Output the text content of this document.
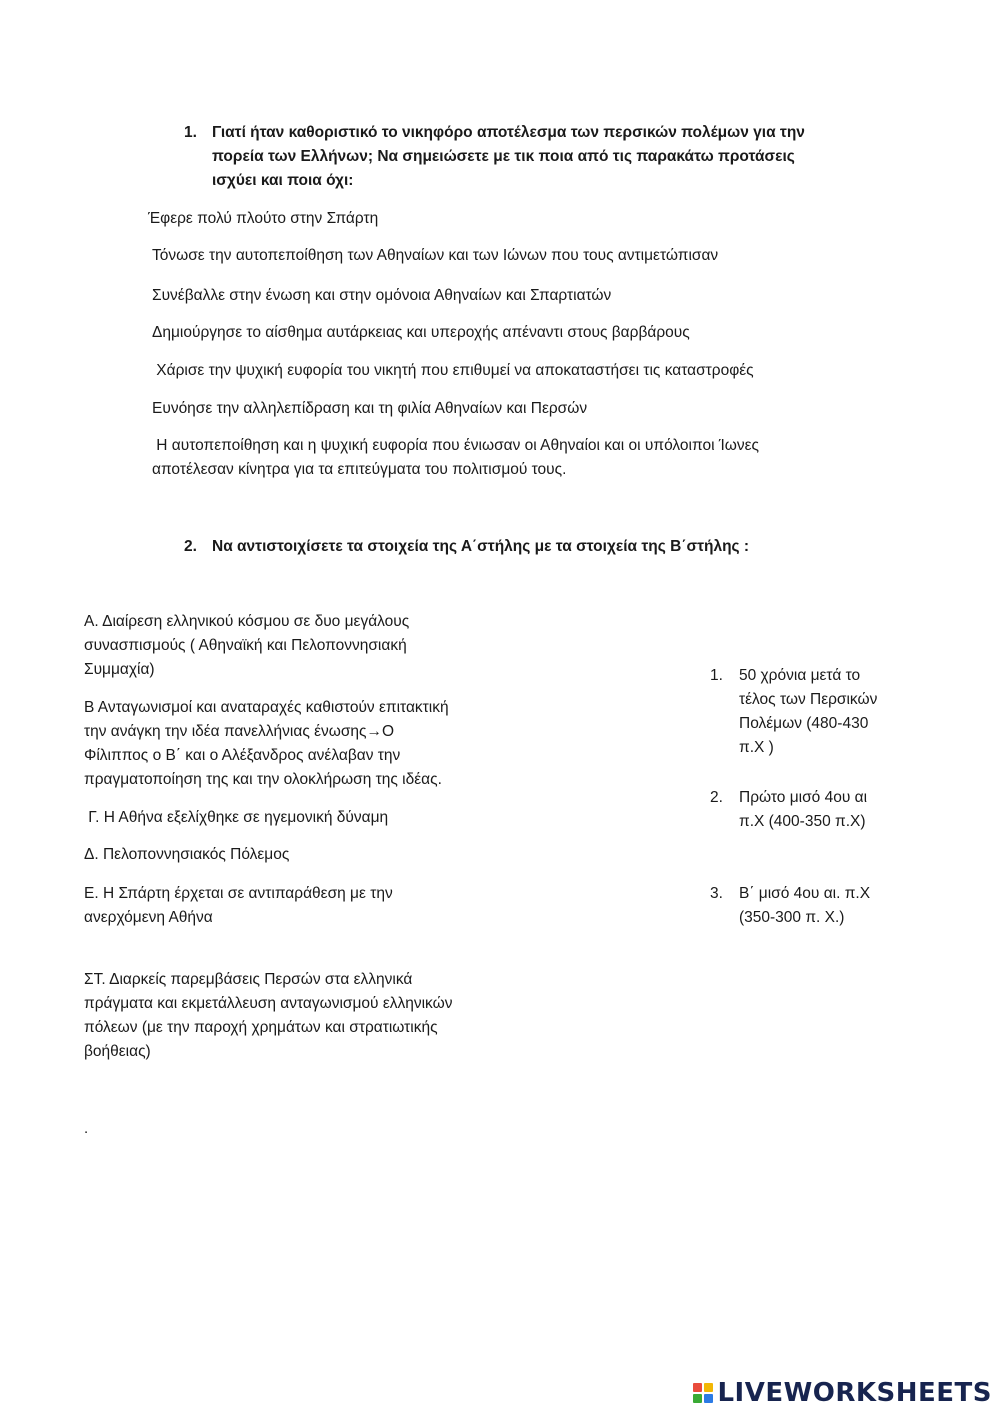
1. Γιατί ήταν καθοριστικό το νικηφόρο αποτέλεσμα των περσικών πολέμων για την
πορεία των Ελλήνων; Να σημειώσετε με τικ ποια από τις παρακάτω προτάσεις
ισχύει και ποια όχι:
Έφερε πολύ πλούτο στην Σπάρτη
Τόνωσε την αυτοπεποίθηση των Αθηναίων και των Ιώνων που τους αντιμετώπισαν
Συνέβαλλε στην ένωση και στην ομόνοια Αθηναίων και Σπαρτιατών
Δημιούργησε το αίσθημα αυτάρκειας και υπεροχής απέναντι στους βαρβάρους
Χάρισε την ψυχική ευφορία του νικητή που επιθυμεί να αποκαταστήσει τις καταστροφές
Ευνόησε την αλληλεπίδραση και τη φιλία Αθηναίων και Περσών
Η αυτοπεποίθηση και η ψυχική ευφορία που ένιωσαν οι Αθηναίοι και οι υπόλοιποι Ίωνες
αποτέλεσαν κίνητρα για τα επιτεύγματα του πολιτισμού τους.
2. Να αντιστοιχίσετε τα στοιχεία της Α΄στήλης με τα στοιχεία της Β΄στήλης :
Α. Διαίρεση ελληνικού κόσμου σε δυο μεγάλους
συνασπισμούς ( Αθηναϊκή και Πελοποννησιακή
Συμμαχία)
Β Ανταγωνισμοί και αναταραχές καθιστούν επιτακτική
την ανάγκη την ιδέα πανελλήνιας ένωσης→Ο
Φίλιππος ο Β΄ και ο Αλέξανδρος ανέλαβαν την
πραγματοποίηση της και την ολοκλήρωση της ιδέας.
Γ. Η Αθήνα εξελίχθηκε σε ηγεμονική δύναμη
Δ. Πελοποννησιακός Πόλεμος
Ε. Η Σπάρτη έρχεται σε αντιπαράθεση με την
ανερχόμενη Αθήνα
ΣΤ. Διαρκείς παρεμβάσεις Περσών στα ελληνικά
πράγματα και εκμετάλλευση ανταγωνισμού ελληνικών
πόλεων (με την παροχή χρημάτων και στρατιωτικής
βοήθειας)
1. 50 χρόνια μετά το
τέλος των Περσικών
Πολέμων (480-430
π.Χ )
2. Πρώτο μισό 4ου αι
π.Χ (400-350 π.Χ)
3. Β΄ μισό 4ου αι. π.Χ
(350-300 π. Χ.)
.
LIVEWORKSHEETS
